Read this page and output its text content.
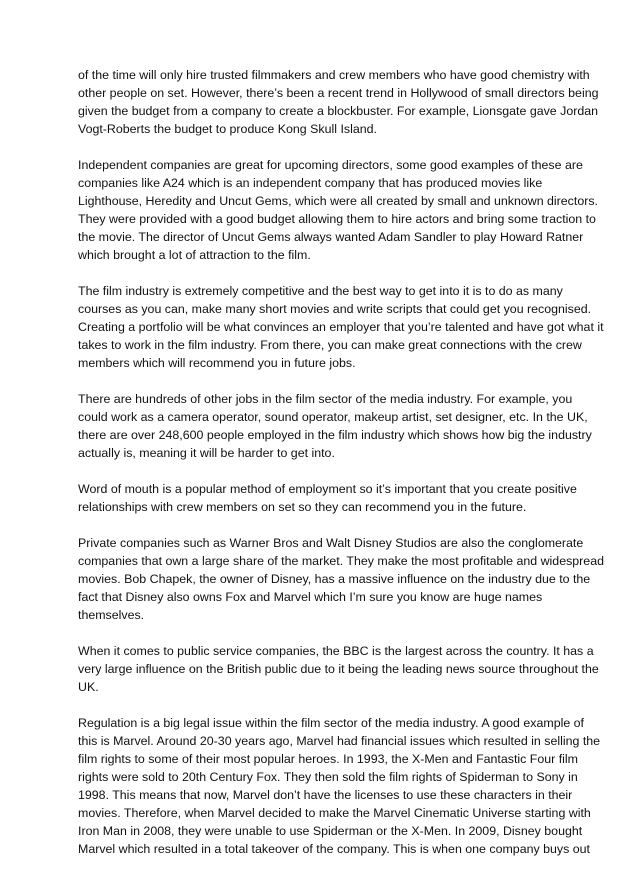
of the time will only hire trusted filmmakers and crew members who have good chemistry with
other people on set. However, there’s been a recent trend in Hollywood of small directors being
given the budget from a company to create a blockbuster. For example, Lionsgate gave Jordan
Vogt-Roberts the budget to produce Kong Skull Island.

Independent companies are great for upcoming directors, some good examples of these are
companies like A24 which is an independent company that has produced movies like
Lighthouse, Heredity and Uncut Gems, which were all created by small and unknown directors.
They were provided with a good budget allowing them to hire actors and bring some traction to
the movie. The director of Uncut Gems always wanted Adam Sandler to play Howard Ratner
which brought a lot of attraction to the film.

The film industry is extremely competitive and the best way to get into it is to do as many
courses as you can, make many short movies and write scripts that could get you recognised.
Creating a portfolio will be what convinces an employer that you’re talented and have got what it
takes to work in the film industry. From there, you can make great connections with the crew
members which will recommend you in future jobs.

There are hundreds of other jobs in the film sector of the media industry. For example, you
could work as a camera operator, sound operator, makeup artist, set designer, etc. In the UK,
there are over 248,600 people employed in the film industry which shows how big the industry
actually is, meaning it will be harder to get into.

Word of mouth is a popular method of employment so it’s important that you create positive
relationships with crew members on set so they can recommend you in the future.

Private companies such as Warner Bros and Walt Disney Studios are also the conglomerate
companies that own a large share of the market. They make the most profitable and widespread
movies. Bob Chapek, the owner of Disney, has a massive influence on the industry due to the
fact that Disney also owns Fox and Marvel which I’m sure you know are huge names
themselves.

When it comes to public service companies, the BBC is the largest across the country. It has a
very large influence on the British public due to it being the leading news source throughout the
UK.

Regulation is a big legal issue within the film sector of the media industry. A good example of
this is Marvel. Around 20-30 years ago, Marvel had financial issues which resulted in selling the
film rights to some of their most popular heroes. In 1993, the X-Men and Fantastic Four film
rights were sold to 20th Century Fox. They then sold the film rights of Spiderman to Sony in
1998. This means that now, Marvel don’t have the licenses to use these characters in their
movies. Therefore, when Marvel decided to make the Marvel Cinematic Universe starting with
Iron Man in 2008, they were unable to use Spiderman or the X-Men. In 2009, Disney bought
Marvel which resulted in a total takeover of the company. This is when one company buys out
